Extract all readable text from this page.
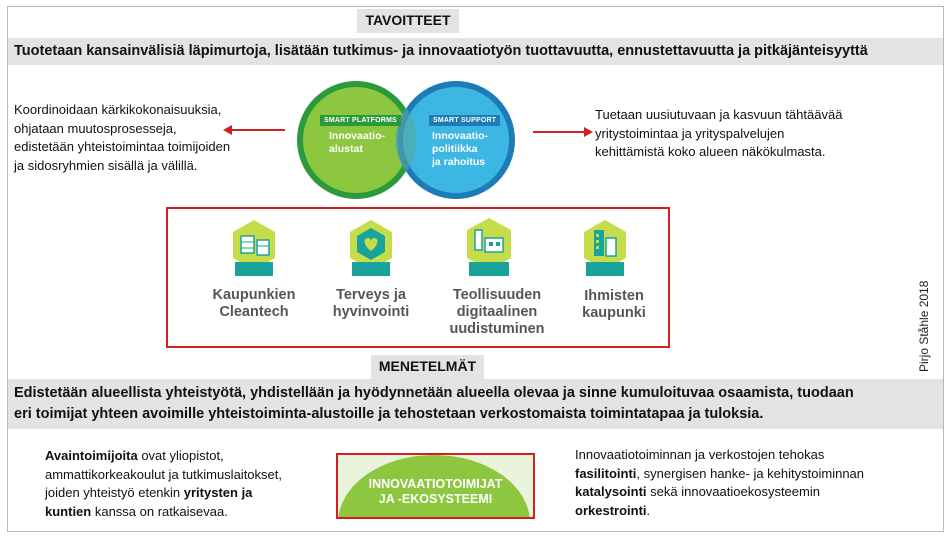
TAVOITTEET
Tuotetaan kansainvälisiä läpimurtoja, lisätään tutkimus- ja innovaatiotyön tuottavuutta, ennustettavuutta ja pitkäjänteisyyttä
Koordinoidaan kärkikokonaisuuksia,
ohjataan muutosprosesseja,
edistetään yhteistoimintaa toimijoiden
ja sidosryhmien sisällä ja välillä.
Tuetaan uusiutuvaan ja kasvuun tähtäävää
yritystoimintaa ja yrityspalvelujen
kehittämistä koko alueen näkökulmasta.
SMART PLATFORMS
Innovaatio-
alustat
SMART SUPPORT
Innovaatio-
politiikka
ja rahoitus
Kaupunkien
Cleantech
Terveys ja
hyvinvointi
Teollisuuden
digitaalinen
uudistuminen
Ihmisten
kaupunki	Pirjo Ståhle 2018
MENETELMÄT
Edistetään alueellista yhteistyötä, yhdistellään ja hyödynnetään alueella olevaa ja sinne kumuloituvaa osaamista, tuodaan
eri toimijat yhteen avoimille yhteistoiminta-alustoille ja tehostetaan verkostomaista toimintatapaa ja tuloksia.
Avaintoimijoita ovat yliopistot,
ammattikorkeakoulut ja tutkimuslaitokset,
joiden yhteistyö etenkin yritysten ja
kuntien kanssa on ratkaisevaa.
INNOVAATIOTOIMIJAT
JA -EKOSYSTEEMI
Innovaatiotoiminnan ja verkostojen tehokas
fasilitointi, synergisen hanke- ja kehitystoiminnan
katalysointi sekä innovaatioekosysteemin
orkestrointi.
